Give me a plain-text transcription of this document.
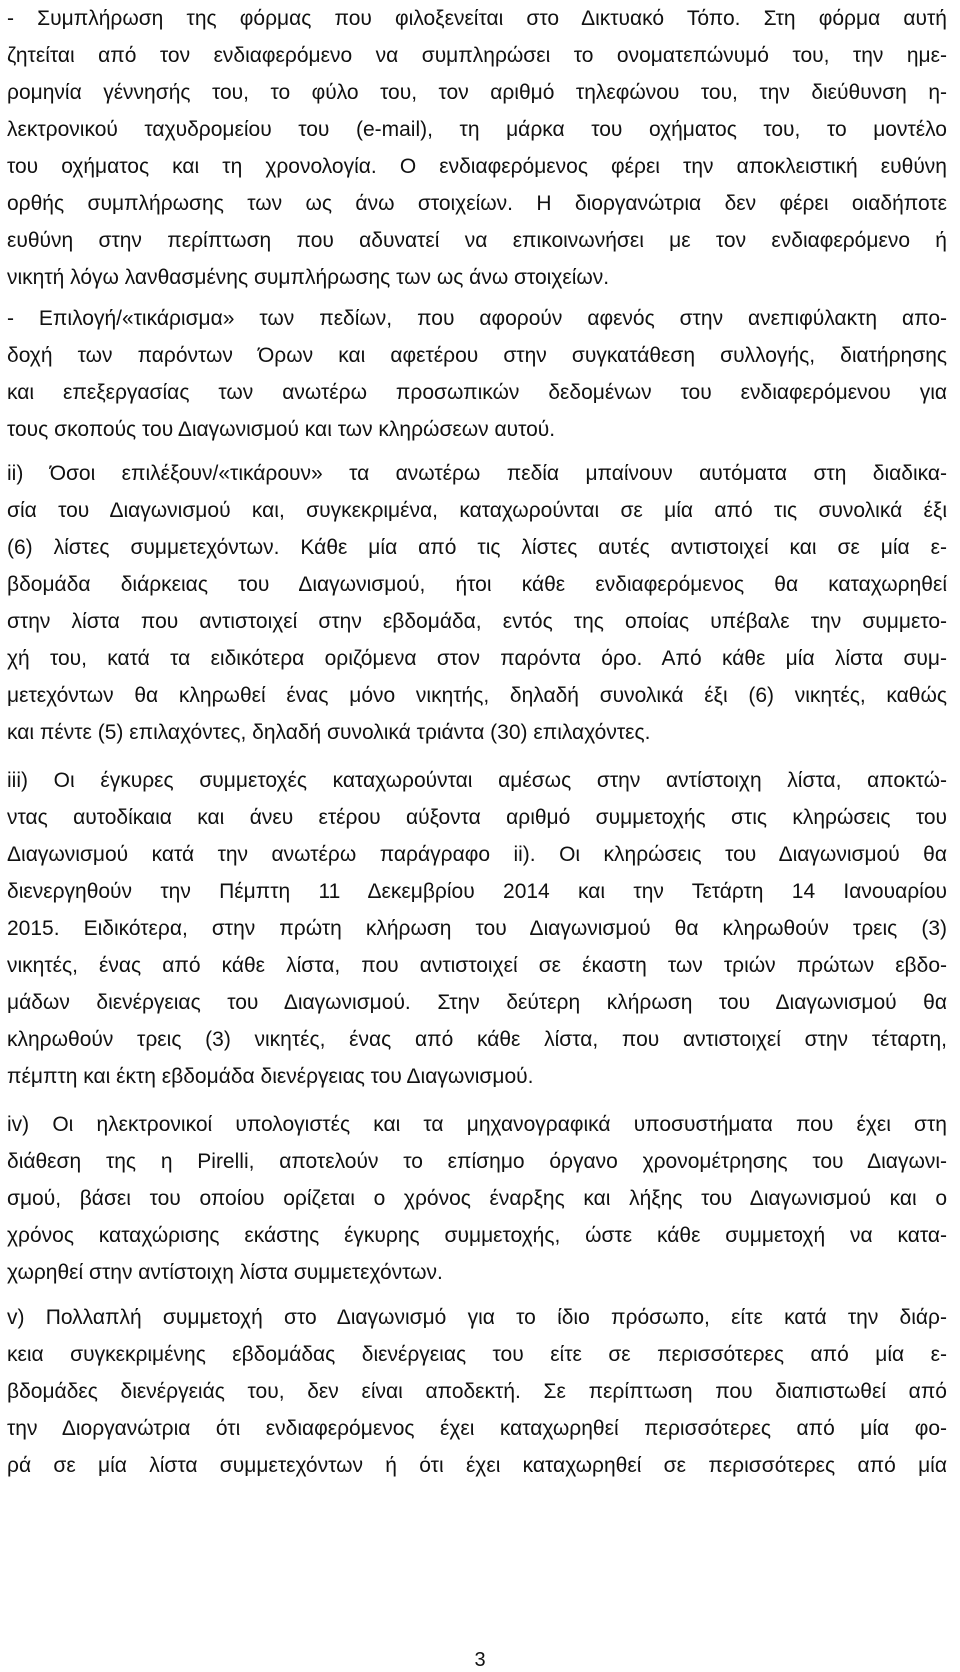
- Συμπλήρωση της φόρμας που φιλοξενείται στο Δικτυακό Τόπο. Στη φόρμα αυτή
ζητείται από τον ενδιαφερόμενο να συμπληρώσει το ονοματεπώνυμό του, την ημε-
ρομηνία γέννησής του, το φύλο του, τον αριθμό τηλεφώνου του, την διεύθυνση η-
λεκτρονικού ταχυδρομείου του (e-mail), τη μάρκα του οχήματος του, το μοντέλο
του οχήματος και τη χρονολογία. Ο ενδιαφερόμενος φέρει την αποκλειστική ευθύνη
ορθής συμπλήρωσης των ως άνω στοιχείων. Η διοργανώτρια δεν φέρει οιαδήποτε
ευθύνη στην περίπτωση που αδυνατεί να επικοινωνήσει με τον ενδιαφερόμενο ή
νικητή λόγω λανθασμένης συμπλήρωσης των ως άνω στοιχείων.
- Επιλογή/«τικάρισμα» των πεδίων, που αφορούν αφενός στην ανεπιφύλακτη απο-
δοχή των παρόντων Όρων και αφετέρου στην συγκατάθεση συλλογής, διατήρησης
και επεξεργασίας των ανωτέρω προσωπικών δεδομένων του ενδιαφερόμενου για
τους σκοπούς του Διαγωνισμού και των κληρώσεων αυτού.
ii) Όσοι επιλέξουν/«τικάρουν» τα ανωτέρω πεδία μπαίνουν αυτόματα στη διαδικα-
σία του Διαγωνισμού και, συγκεκριμένα, καταχωρούνται σε μία από τις συνολικά έξι
(6) λίστες συμμετεχόντων. Κάθε μία από τις λίστες αυτές αντιστοιχεί και σε μία ε-
βδομάδα διάρκειας του Διαγωνισμού, ήτοι κάθε ενδιαφερόμενος θα καταχωρηθεί
στην λίστα που αντιστοιχεί στην εβδομάδα, εντός της οποίας υπέβαλε την συμμετο-
χή του, κατά τα ειδικότερα οριζόμενα στον παρόντα όρο. Από κάθε μία λίστα συμ-
μετεχόντων θα κληρωθεί ένας μόνο νικητής, δηλαδή συνολικά έξι (6) νικητές, καθώς
και πέντε (5) επιλαχόντες, δηλαδή συνολικά τριάντα (30) επιλαχόντες.
iii) Οι έγκυρες συμμετοχές καταχωρούνται αμέσως στην αντίστοιχη λίστα, αποκτώ-
ντας αυτοδίκαια και άνευ ετέρου αύξοντα αριθμό συμμετοχής στις κληρώσεις του
Διαγωνισμού κατά την ανωτέρω παράγραφο ii). Οι κληρώσεις του Διαγωνισμού θα
διενεργηθούν την Πέμπτη 11 Δεκεμβρίου 2014 και την Τετάρτη 14 Ιανουαρίου
2015. Ειδικότερα, στην πρώτη κλήρωση του Διαγωνισμού θα κληρωθούν τρεις (3)
νικητές, ένας από κάθε λίστα, που αντιστοιχεί σε έκαστη των τριών πρώτων εβδο-
μάδων διενέργειας του Διαγωνισμού. Στην δεύτερη κλήρωση του Διαγωνισμού θα
κληρωθούν τρεις (3) νικητές, ένας από κάθε λίστα, που αντιστοιχεί στην τέταρτη,
πέμπτη και έκτη εβδομάδα διενέργειας του Διαγωνισμού.
iv) Οι ηλεκτρονικοί υπολογιστές και τα μηχανογραφικά υποσυστήματα που έχει στη
διάθεση της η Pirelli, αποτελούν το επίσημο όργανο χρονομέτρησης του Διαγωνι-
σμού, βάσει του οποίου ορίζεται ο χρόνος έναρξης και λήξης του Διαγωνισμού και ο
χρόνος καταχώρισης εκάστης έγκυρης συμμετοχής, ώστε κάθε συμμετοχή να κατα-
χωρηθεί στην αντίστοιχη λίστα συμμετεχόντων.
v) Πολλαπλή συμμετοχή στο Διαγωνισμό για το ίδιο πρόσωπο, είτε κατά την διάρ-
κεια συγκεκριμένης εβδομάδας διενέργειας του είτε σε περισσότερες από μία ε-
βδομάδες διενέργειάς του, δεν είναι αποδεκτή. Σε περίπτωση που διαπιστωθεί από
την Διοργανώτρια ότι ενδιαφερόμενος έχει καταχωρηθεί περισσότερες από μία φο-
ρά σε μία λίστα συμμετεχόντων ή ότι έχει καταχωρηθεί σε περισσότερες από μία
3
